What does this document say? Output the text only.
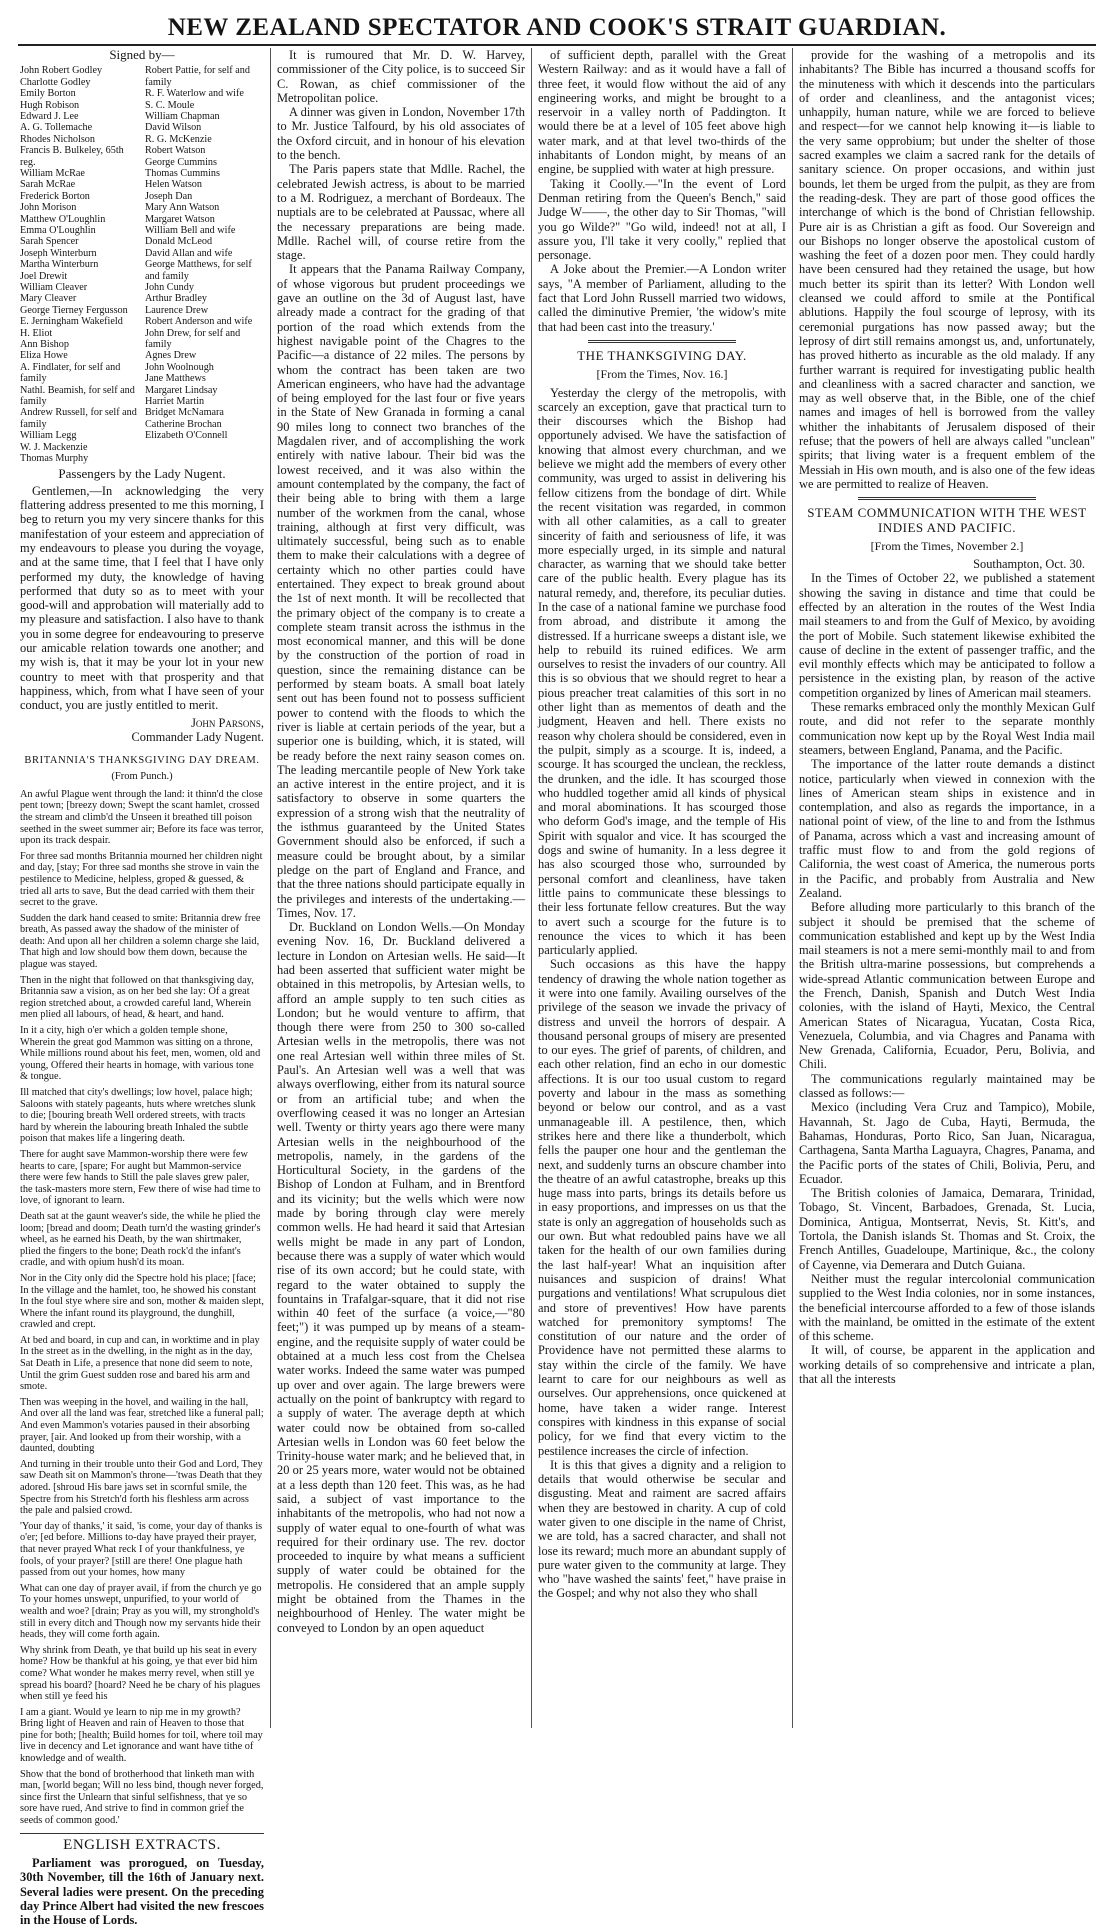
NEW ZEALAND SPECTATOR AND COOK'S STRAIT GUARDIAN.
Signed by—
John Robert Godley
Charlotte Godley
Emily Borton
Hugh Robison
Edward J. Lee
A. G. Tollemache
Rhodes Nicholson
Francis B. Bulkeley, 65th reg.
William McRae
Sarah McRae
Frederick Borton
John Morison
Matthew O'Loughlin
Emma O'Loughlin
Sarah Spencer
Joseph Winterburn
Martha Winterburn
Joel Drewit
William Cleaver
Mary Cleaver
George Tierney Fergusson
E. Jerningham Wakefield
H. Eliot
Ann Bishop
Eliza Howe
A. Findlater, for self and family
Nathl. Beamish, for self and family
Andrew Russell, for self and family
William Legg
W. J. Mackenzie
Thomas Murphy
Robert Pattie, for self and family
R. F. Waterlow and wife
S. C. Moule
William Chapman
David Wilson
R. G. McKenzie
Robert Watson
George Cummins
Thomas Cummins
Helen Watson
Joseph Dan
Mary Ann Watson
Margaret Watson
William Bell and wife
Donald McLeod
David Allan and wife
George Matthews, for self and family
John Cundy
Arthur Bradley
Laurence Drew
Robert Anderson and wife
John Drew, for self and family
Agnes Drew
John Woolnough
Jane Matthews
Margaret Lindsay
Harriet Martin
Bridget McNamara
Catherine Brochan
Elizabeth O'Connell
Passengers by the Lady Nugent.

Gentlemen,—In acknowledging the very flattering address presented to me this morning, I beg to return you my very sincere thanks for this manifestation of your esteem and appreciation of my endeavours to please you during the voyage, and at the same time, that I feel that I have only performed my duty, the knowledge of having performed that duty so as to meet with your good-will and approbation will materially add to my pleasure and satisfaction. I also have to thank you in some degree for endeavouring to preserve our amicable relation towards one another; and my wish is, that it may be your lot in your new country to meet with that prosperity and that happiness, which, from what I have seen of your conduct, you are justly entitled to merit.

John Parsons,
Commander Lady Nugent.
BRITANNIA'S THANKSGIVING DAY DREAM.
(From Punch.)

An awful Plague went through the land: it thinn'd the close pent town; [breezy down; Swept the scant hamlet, crossed the stream and climb'd the Unseen it breathed till poison seethed in the sweet summer air; Before its face was terror, upon its track despair.

For three sad months Britannia mourned her children night and day, [stay; For three sad months she strove in vain the pestilence to Medicine, helpless, groped & guessed, & tried all arts to save, But the dead carried with them their secret to the grave.

Sudden the dark hand ceased to smite: Britannia drew free breath, As passed away the shadow of the minister of death: And upon all her children a solemn charge she laid, That high and low should bow them down, because the plague was stayed.

Then in the night that followed on that thanksgiving day, Britannia saw a vision, as on her bed she lay: Of a great region stretched about, a crowded careful land, Wherein men plied all labours, of head, & heart, and hand.

In it a city, high o'er which a golden temple shone, Wherein the great god Mammon was sitting on a throne, While millions round about his feet, men, women, old and young, Offered their hearts in homage, with various tone & tongue.

Ill matched that city's dwellings; low hovel, palace high; Saloons with stately pageants, huts where wretches slunk to die; [bouring breath Well ordered streets, with tracts hard by wherein the labouring breath Inhaled the subtle poison that makes life a lingering death.

There for aught save Mammon-worship there were few hearts to care, [spare; For aught but Mammon-service there were few hands to Still the pale slaves grew paler, the task-masters more stern, Few there of wise had time to love, of ignorant to learn.

Death sat at the gaunt weaver's side, the while he plied the loom; [bread and doom; Death turn'd the wasting grinder's wheel, as he earned his Death, by the wan shirtmaker, plied the fingers to the bone; Death rock'd the infant's cradle, and with opium hush'd its moan.

Nor in the City only did the Spectre hold his place; [face; In the village and the hamlet, too, he showed his constant In the foul stye where sire and son, mother & maiden slept, Where the infant round its playground, the dunghill, crawled and crept.

At bed and board, in cup and can, in worktime and in play In the street as in the dwelling, in the night as in the day, Sat Death in Life, a presence that none did seem to note, Until the grim Guest sudden rose and bared his arm and smote.

Then was weeping in the hovel, and wailing in the hall, And over all the land was fear, stretched like a funeral pall; And even Mammon's votaries paused in their absorbing prayer, [air. And looked up from their worship, with a daunted, doubting

And turning in their trouble unto their God and Lord, They saw Death sit on Mammon's throne—'twas Death that they adored. [shroud His bare jaws set in scornful smile, the Spectre from his Stretch'd forth his fleshless arm across the pale and palsied crowd.

'Your day of thanks,' it said, 'is come, your day of thanks is o'er; [ed before. Millions to-day have prayed their prayer, that never prayed What reck I of your thankfulness, ye fools, of your prayer? [still are there! One plague hath passed from out your homes, how many

What can one day of prayer avail, if from the church ye go To your homes unswept, unpurified, to your world of wealth and woe? [drain; Pray as you will, my stronghold's still in every ditch and Though now my servants hide their heads, they will come forth again.

Why shrink from Death, ye that build up his seat in every home? How be thankful at his going, ye that ever bid him come? What wonder he makes merry revel, when still ye spread his board? [hoard? Need he be chary of his plagues when still ye feed his

I am a giant. Would ye learn to nip me in my growth? Bring light of Heaven and rain of Heaven to those that pine for both; [health; Build homes for toil, where toil may live in decency and Let ignorance and want have tithe of knowledge and of wealth.

Show that the bond of brotherhood that linketh man with man, [world began; Will no less bind, though never forged, since first the Unlearn that sinful selfishness, that ye so sore have rued, And strive to find in common grief the seeds of common good.'

ENGLISH EXTRACTS.

Parliament was prorogued, on Tuesday, 30th November, till the 16th of January next. Several ladies were present. On the preceding day Prince Albert had visited the new frescoes in the House of Lords.

It is rumoured that Mr. D. W. Harvey, commissioner of the City police, is to succeed Sir C. Rowan, as chief commissioner of the Metropolitan police.

A dinner was given in London, November 17th to Mr. Justice Talfourd, by his old associates of the Oxford circuit, and in honour of his elevation to the bench.

The Paris papers state that Mdlle. Rachel, the celebrated Jewish actress, is about to be married to a M. Rodriguez, a merchant of Bordeaux. The nuptials are to be celebrated at Paussac, where all the necessary preparations are being made. Mdlle. Rachel will, of course retire from the stage.

It appears that the Panama Railway Company, of whose vigorous but prudent proceedings we gave an outline on the 3d of August last, have already made a contract for the grading of that portion of the road which extends from the highest navigable point of the Chagres to the Pacific—a distance of 22 miles. The persons by whom the contract has been taken are two American engineers, who have had the advantage of being employed for the last four or five years in the State of New Granada in forming a canal 90 miles long to connect two branches of the Magdalen river, and of accomplishing the work entirely with native labour. Their bid was the lowest received, and it was also within the amount contemplated by the company, the fact of their being able to bring with them a large number of the workmen from the canal, whose training, although at first very difficult, was ultimately successful, being such as to enable them to make their calculations with a degree of certainty which no other parties could have entertained. They expect to break ground about the 1st of next month. It will be recollected that the primary object of the company is to create a complete steam transit across the isthmus in the most economical manner, and this will be done by the construction of the portion of road in question, since the remaining distance can be performed by steam boats. A small boat lately sent out has been found not to possess sufficient power to contend with the floods to which the river is liable at certain periods of the year, but a superior one is building, which, it is stated, will be ready before the next rainy season comes on. The leading mercantile people of New York take an active interest in the entire project, and it is satisfactory to observe in some quarters the expression of a strong wish that the neutrality of the isthmus guaranteed by the United States Government should also be enforced, if such a measure could be brought about, by a similar pledge on the part of England and France, and that the three nations should participate equally in the privileges and interests of the undertaking.—Times, Nov. 17.

Dr. Buckland on London Wells.—On Monday evening Nov. 16, Dr. Buckland delivered a lecture in London on Artesian wells. He said—It had been asserted that sufficient water might be obtained in this metropolis, by Artesian wells, to afford an ample supply to ten such cities as London; but he would venture to affirm, that though there were from 250 to 300 so-called Artesian wells in the metropolis, there was not one real Artesian well within three miles of St. Paul's. An Artesian well was a well that was always overflowing, either from its natural source or from an artificial tube; and when the overflowing ceased it was no longer an Artesian well. Twenty or thirty years ago there were many Artesian wells in the neighbourhood of the metropolis, namely, in the gardens of the Horticultural Society, in the gardens of the Bishop of London at Fulham, and in Brentford and its vicinity; but the wells which were now made by boring through clay were merely common wells. He had heard it said that Artesian wells might be made in any part of London, because there was a supply of water which would rise of its own accord; but he could state, with regard to the water obtained to supply the fountains in Trafalgar-square, that it did not rise within 40 feet of the surface (a voice,—"80 feet;") it was pumped up by means of a steam-engine, and the requisite supply of water could be obtained at a much less cost from the Chelsea water works. Indeed the same water was pumped up over and over again. The large brewers were actually on the point of bankruptcy with regard to a supply of water. The average depth at which water could now be obtained from so-called Artesian wells in London was 60 feet below the Trinity-house water mark; and he believed that, in 20 or 25 years more, water would not be obtained at a less depth than 120 feet. This was, as he had said, a subject of vast importance to the inhabitants of the metropolis, who had not now a supply of water equal to one-fourth of what was required for their ordinary use. The rev. doctor proceeded to inquire by what means a sufficient supply of water could be obtained for the metropolis. He considered that an ample supply might be obtained from the Thames in the neighbourhood of Henley. The water might be conveyed to London by an open aqueduct

of sufficient depth, parallel with the Great Western Railway: and as it would have a fall of three feet, it would flow without the aid of any engineering works, and might be brought to a reservoir in a valley north of Paddington. It would there be at a level of 105 feet above high water mark, and at that level two-thirds of the inhabitants of London might, by means of an engine, be supplied with water at high pressure.

Taking it Coolly.—"In the event of Lord Denman retiring from the Queen's Bench," said Judge W——, the other day to Sir Thomas, "will you go Wilde?" "Go wild, indeed! not at all, I assure you, I'll take it very coolly," replied that personage.

A Joke about the Premier.—A London writer says, "A member of Parliament, alluding to the fact that Lord John Russell married two widows, called the diminutive Premier, 'the widow's mite that had been cast into the treasury.'

THE THANKSGIVING DAY.
[From the Times, Nov. 16.]

Yesterday the clergy of the metropolis, with scarcely an exception, gave that practical turn to their discourses which the Bishop had opportunely advised. We have the satisfaction of knowing that almost every churchman, and we believe we might add the members of every other community, was urged to assist in delivering his fellow citizens from the bondage of dirt. While the recent visitation was regarded, in common with all other calamities, as a call to greater sincerity of faith and seriousness of life, it was more especially urged, in its simple and natural character, as warning that we should take better care of the public health. Every plague has its natural remedy, and, therefore, its peculiar duties. In the case of a national famine we purchase food from abroad, and distribute it among the distressed. If a hurricane sweeps a distant isle, we help to rebuild its ruined edifices. We arm ourselves to resist the invaders of our country. All this is so obvious that we should regret to hear a pious preacher treat calamities of this sort in no other light than as mementos of death and the judgment, Heaven and hell. There exists no reason why cholera should be considered, even in the pulpit, simply as a scourge. It is, indeed, a scourge. It has scourged the unclean, the reckless, the drunken, and the idle. It has scourged those who huddled together amid all kinds of physical and moral abominations. It has scourged those who deform God's image, and the temple of His Spirit with squalor and vice. It has scourged the dogs and swine of humanity. In a less degree it has also scourged those who, surrounded by personal comfort and cleanliness, have taken little pains to communicate these blessings to their less fortunate fellow creatures. But the way to avert such a scourge for the future is to renounce the vices to which it has been particularly applied.

Such occasions as this have the happy tendency of drawing the whole nation together as it were into one family. Availing ourselves of the privilege of the season we invade the privacy of distress and unveil the horrors of despair. A thousand personal groups of misery are presented to our eyes. The grief of parents, of children, and each other relation, find an echo in our domestic affections. It is our too usual custom to regard poverty and labour in the mass as something beyond or below our control, and as a vast unmanageable ill. A pestilence, then, which strikes here and there like a thunderbolt, which fells the pauper one hour and the gentleman the next, and suddenly turns an obscure chamber into the theatre of an awful catastrophe, breaks up this huge mass into parts, brings its details before us in easy proportions, and impresses on us that the state is only an aggregation of households such as our own. But what redoubled pains have we all taken for the health of our own families during the last half-year! What an inquisition after nuisances and suspicion of drains! What purgations and ventilations! What scrupulous diet and store of preventives! How have parents watched for premonitory symptoms! The constitution of our nature and the order of Providence have not permitted these alarms to stay within the circle of the family. We have learnt to care for our neighbours as well as ourselves. Our apprehensions, once quickened at home, have taken a wider range. Interest conspires with kindness in this expanse of social policy, for we find that every victim to the pestilence increases the circle of infection.

It is this that gives a dignity and a religion to details that would otherwise be secular and disgusting. Meat and raiment are sacred affairs when they are bestowed in charity. A cup of cold water given to one disciple in the name of Christ, we are told, has a sacred character, and shall not lose its reward; much more an abundant supply of pure water given to the community at large. They who "have washed the saints' feet," have praise in the Gospel; and why not also they who shall

provide for the washing of a metropolis and its inhabitants? The Bible has incurred a thousand scoffs for the minuteness with which it descends into the particulars of order and cleanliness, and the antagonist vices; unhappily, human nature, while we are forced to believe and respect—for we cannot help knowing it—is liable to the very same opprobium; but under the shelter of those sacred examples we claim a sacred rank for the details of sanitary science. On proper occasions, and within just bounds, let them be urged from the pulpit, as they are from the reading-desk. They are part of those good offices the interchange of which is the bond of Christian fellowship. Pure air is as Christian a gift as food. Our Sovereign and our Bishops no longer observe the apostolical custom of washing the feet of a dozen poor men. They could hardly have been censured had they retained the usage, but how much better its spirit than its letter? With London well cleansed we could afford to smile at the Pontifical ablutions. Happily the foul scourge of leprosy, with its ceremonial purgations has now passed away; but the leprosy of dirt still remains amongst us, and, unfortunately, has proved hitherto as incurable as the old malady. If any further warrant is required for investigating public health and cleanliness with a sacred character and sanction, we may as well observe that, in the Bible, one of the chief names and images of hell is borrowed from the valley whither the inhabitants of Jerusalem disposed of their refuse; that the powers of hell are always called "unclean" spirits; that living water is a frequent emblem of the Messiah in His own mouth, and is also one of the few ideas we are permitted to realize of Heaven.

STEAM COMMUNICATION WITH THE WEST INDIES AND PACIFIC.
[From the Times, November 2.]
Southampton, Oct. 30.

In the Times of October 22, we published a statement showing the saving in distance and time that could be effected by an alteration in the routes of the West India mail steamers to and from the Gulf of Mexico, by avoiding the port of Mobile. Such statement likewise exhibited the cause of decline in the extent of passenger traffic, and the evil monthly effects which may be anticipated to follow a persistence in the existing plan, by reason of the active competition organized by lines of American mail steamers.

These remarks embraced only the monthly Mexican Gulf route, and did not refer to the separate monthly communication now kept up by the Royal West India mail steamers, between England, Panama, and the Pacific.

The importance of the latter route demands a distinct notice, particularly when viewed in connexion with the lines of American steam ships in existence and in contemplation, and also as regards the importance, in a national point of view, of the line to and from the Isthmus of Panama, across which a vast and increasing amount of traffic must flow to and from the gold regions of California, the west coast of America, the numerous ports in the Pacific, and probably from Australia and New Zealand.

Before alluding more particularly to this branch of the subject it should be premised that the scheme of communication established and kept up by the West India mail steamers is not a mere semi-monthly mail to and from the British ultra-marine possessions, but comprehends a wide-spread Atlantic communication between Europe and the French, Danish, Spanish and Dutch West India colonies, with the island of Hayti, Mexico, the Central American States of Nicaragua, Yucatan, Costa Rica, Venezuela, Columbia, and via Chagres and Panama with New Grenada, California, Ecuador, Peru, Bolivia, and Chili.

The communications regularly maintained may be classed as follows:—

Mexico (including Vera Cruz and Tampico), Mobile, Havannah, St. Jago de Cuba, Hayti, Bermuda, the Bahamas, Honduras, Porto Rico, San Juan, Nicaragua, Carthagena, Santa Martha Laguayra, Chagres, Panama, and the Pacific ports of the states of Chili, Bolivia, Peru, and Ecuador.

The British colonies of Jamaica, Demarara, Trinidad, Tobago, St. Vincent, Barbadoes, Grenada, St. Lucia, Dominica, Antigua, Montserrat, Nevis, St. Kitt's, and Tortola, the Danish islands St. Thomas and St. Croix, the French Antilles, Guadeloupe, Martinique, &c., the colony of Cayenne, via Demerara and Dutch Guiana.

Neither must the regular intercolonial communication supplied to the West India colonies, nor in some instances, the beneficial intercourse afforded to a few of those islands with the mainland, be omitted in the estimate of the extent of this scheme.

It will, of course, be apparent in the application and working details of so comprehensive and intricate a plan, that all the interests
